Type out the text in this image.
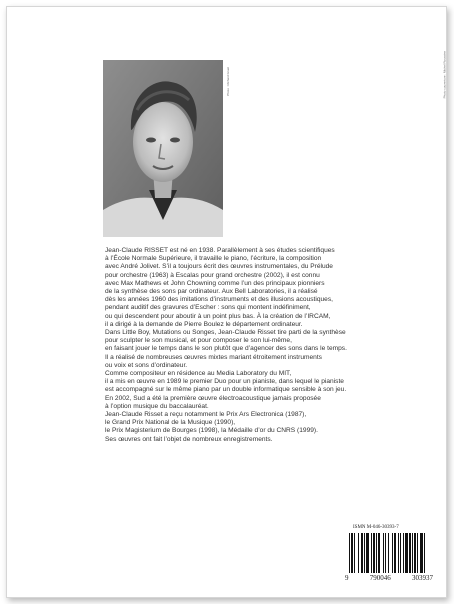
Photo : Richard Gruel	Photo couverture : Michel Roussine

Jean-Claude RISSET est né en 1938. Parallèlement à ses études scientifiques
à l’École Normale Supérieure, il travaille le piano, l’écriture, la composition
avec André Jolivet. S’il a toujours écrit des œuvres instrumentales, du Prélude
pour orchestre (1963) à Escalas pour grand orchestre (2002), il est connu
avec Max Mathews et John Chowning comme l’un des principaux pionniers
de la synthèse des sons par ordinateur. Aux Bell Laboratories, il a réalisé
dès les années 1960 des imitations d’instruments et des illusions acoustiques,
pendant auditif des gravures d’Escher : sons qui montent indéfiniment,
ou qui descendent pour aboutir à un point plus bas. À la création de l’IRCAM,
il a dirigé à la demande de Pierre Boulez le département ordinateur.
Dans Little Boy, Mutations ou Songes, Jean-Claude Risset tire parti de la synthèse
pour sculpter le son musical, et pour composer le son lui-même,
en faisant jouer le temps dans le son plutôt que d’agencer des sons dans le temps.
Il a réalisé de nombreuses œuvres mixtes mariant étroitement instruments
ou voix et sons d’ordinateur.
Comme compositeur en résidence au Media Laboratory du MIT,
il a mis en œuvre en 1989 le premier Duo pour un pianiste, dans lequel le pianiste
est accompagné sur le même piano par un double informatique sensible à son jeu.
En 2002, Sud a été la première œuvre électroacoustique jamais proposée
à l’option musique du baccalauréat.
Jean-Claude Risset a reçu notamment le Prix Ars Electronica (1987),
le Grand Prix National de la Musique (1990),
le Prix Magisterium de Bourges (1998), la Médaille d’or du CNRS (1999).
Ses œuvres ont fait l’objet de nombreux enregistrements.

ISMN M-046-30393-7
9	790046	303937
